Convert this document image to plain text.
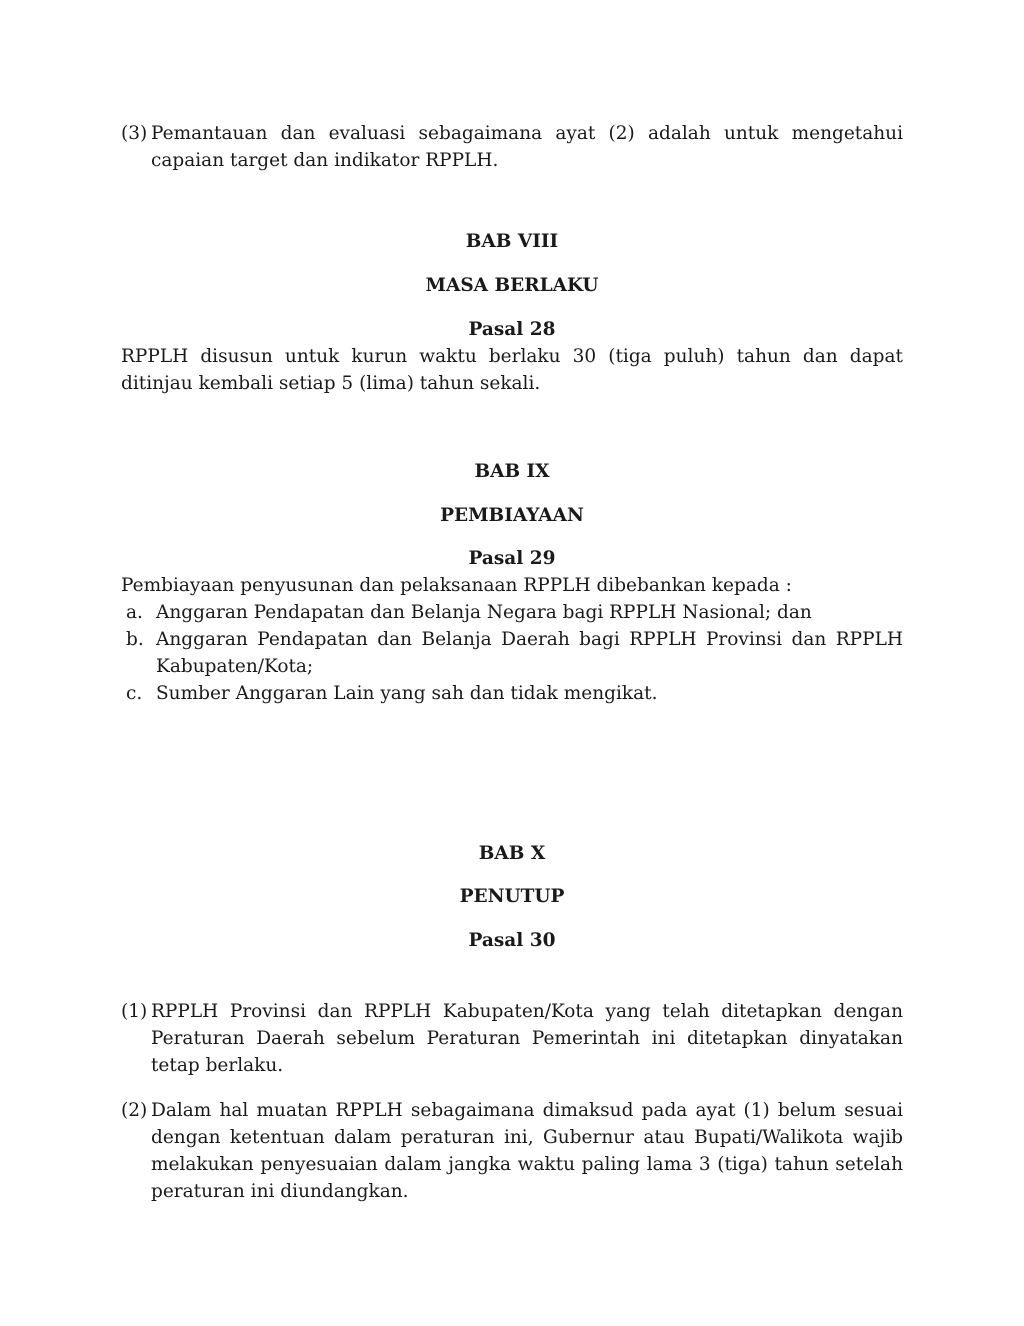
(3) Pemantauan dan evaluasi sebagaimana ayat (2) adalah untuk mengetahui capaian target dan indikator RPPLH.
BAB VIII
MASA BERLAKU
Pasal 28
RPPLH disusun untuk kurun waktu berlaku 30 (tiga puluh) tahun dan dapat ditinjau kembali setiap 5 (lima) tahun sekali.
BAB IX
PEMBIAYAAN
Pasal 29
Pembiayaan penyusunan dan pelaksanaan RPPLH dibebankan kepada :
a. Anggaran Pendapatan dan Belanja Negara bagi RPPLH Nasional; dan
b. Anggaran Pendapatan dan Belanja Daerah bagi RPPLH Provinsi dan RPPLH Kabupaten/Kota;
c. Sumber Anggaran Lain yang sah dan tidak mengikat.
BAB X
PENUTUP
Pasal 30
(1) RPPLH Provinsi dan RPPLH Kabupaten/Kota yang telah ditetapkan dengan Peraturan Daerah sebelum Peraturan Pemerintah ini ditetapkan dinyatakan tetap berlaku.
(2) Dalam hal muatan RPPLH sebagaimana dimaksud pada ayat (1) belum sesuai dengan ketentuan dalam peraturan ini, Gubernur atau Bupati/Walikota wajib melakukan penyesuaian dalam jangka waktu paling lama 3 (tiga) tahun setelah peraturan ini diundangkan.
